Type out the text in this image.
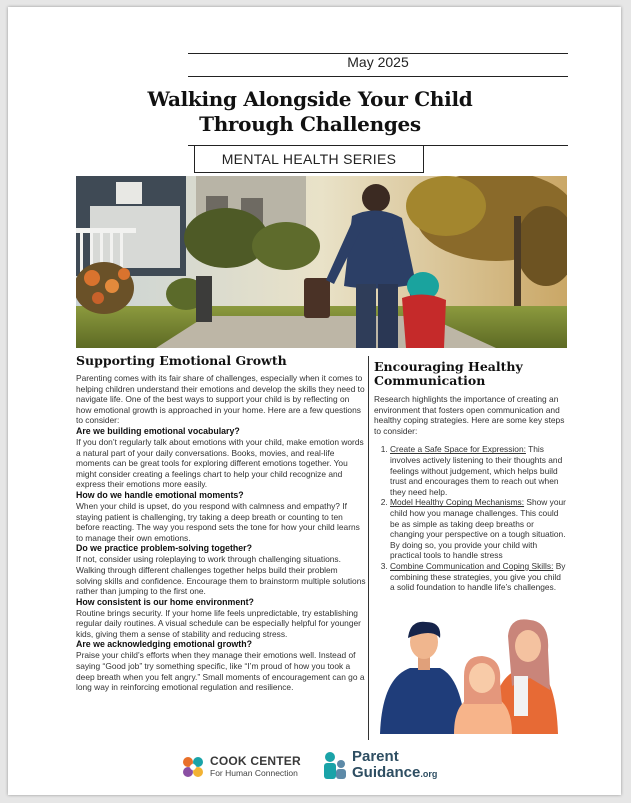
May 2025
Walking Alongside Your Child
Through Challenges
MENTAL HEALTH SERIES
Supporting Emotional Growth

Parenting comes with its fair share of challenges, especially when it comes to helping children understand their emotions and develop the skills they need to navigate life. One of the best ways to support your child is by reflecting on how emotional growth is approached in your home. Here are a few questions to consider:

Are we building emotional vocabulary?

If you don’t regularly talk about emotions with your child, make emotion words a natural part of your daily conversations. Books, movies, and real-life moments can be great tools for exploring different emotions together. You might consider creating a feelings chart to help your child recognize and express their emotions more easily.

How do we handle emotional moments?

When your child is upset, do you respond with calmness and empathy? If staying patient is challenging, try taking a deep breath or counting to ten before reacting. The way you respond sets the tone for how your child learns to manage their own emotions.

Do we practice problem-solving together?

If not, consider using roleplaying to work through challenging situations. Walking through different challenges together helps build their problem solving skills and confidence. Encourage them to brainstorm multiple solutions rather than jumping to the first one.

How consistent is our home environment?

Routine brings security. If your home life feels unpredictable, try establishing regular daily routines. A visual schedule can be especially helpful for younger kids, giving them a sense of stability and reducing stress.

Are we acknowledging emotional growth?

Praise your child’s efforts when they manage their emotions well. Instead of saying “Good job” try something specific, like “I’m proud of how you took a deep breath when you felt angry.” Small moments of encouragement can go a long way in reinforcing emotional regulation and resilience.

Encouraging Healthy
Communication

Research highlights the importance of creating an environment that fosters open communication and healthy coping strategies. Here are some key steps to consider:

1. Create a Safe Space for Expression: This involves actively listening to their thoughts and feelings without judgement, which helps build trust and encourages them to reach out when they need help.
2. Model Healthy Coping Mechanisms: Show your child how you manage challenges. This could be as simple as taking deep breaths or changing your perspective on a tough situation. By doing so, you provide your child with practical tools to handle stress
3. Combine Communication and Coping Skills: By combining these strategies, you give you child a solid foundation to handle life’s challenges.
COOK CENTER
For Human Connection
Parent
Guidance.org
